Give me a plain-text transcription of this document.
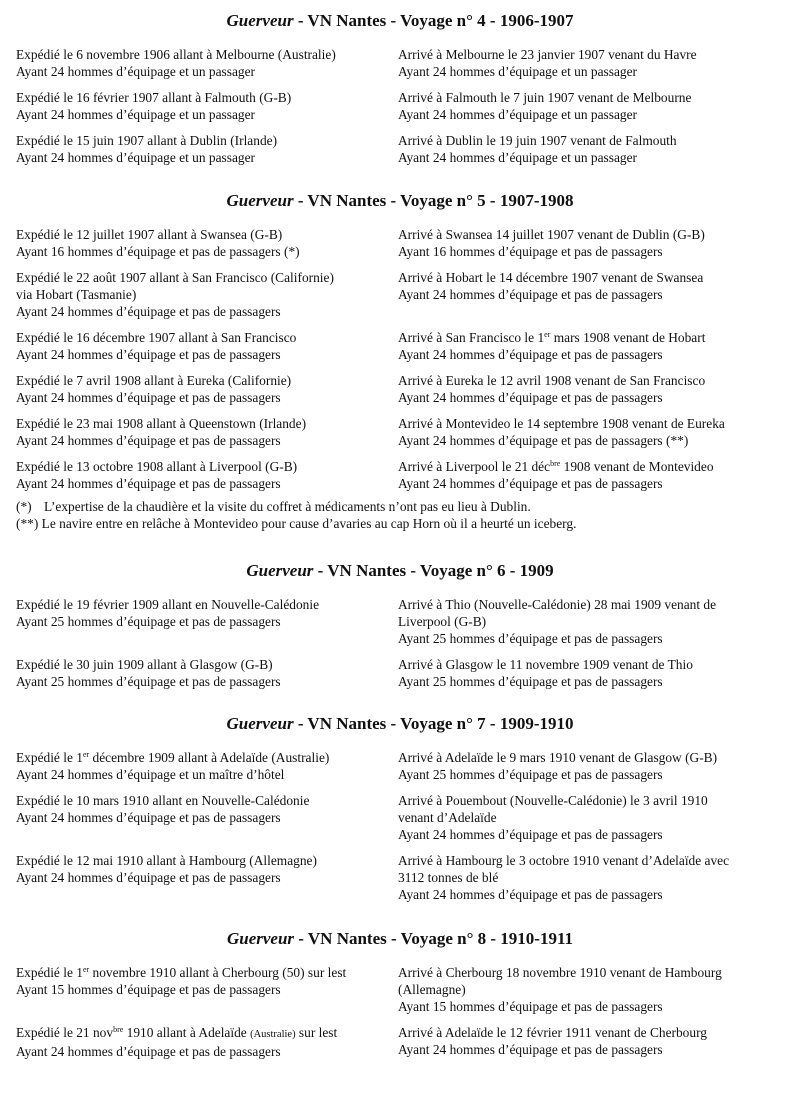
Guerveur - VN Nantes - Voyage n° 4 - 1906-1907
Expédié le 6 novembre 1906 allant à Melbourne (Australie)
Ayant 24 hommes d’équipage et un passager
Arrivé à Melbourne le 23 janvier 1907 venant du Havre
Ayant 24 hommes d’équipage et un passager
Expédié le 16 février 1907 allant à Falmouth (G-B)
Ayant 24 hommes d’équipage et un passager
Arrivé à Falmouth le 7 juin 1907 venant de Melbourne
Ayant 24 hommes d’équipage et un passager
Expédié le 15 juin 1907 allant à Dublin (Irlande)
Ayant 24 hommes d’équipage et un passager
Arrivé à Dublin le 19 juin 1907 venant de Falmouth
Ayant 24 hommes d’équipage et un passager
Guerveur - VN Nantes - Voyage n° 5 - 1907-1908
Expédié le 12 juillet 1907 allant à Swansea (G-B)
Ayant 16 hommes d’équipage et pas de passagers (*)
Arrivé à Swansea 14 juillet 1907 venant de Dublin (G-B)
Ayant 16 hommes d’équipage et pas de passagers
Expédié le 22 août 1907 allant à San Francisco (Californie)
via Hobart (Tasmanie)
Ayant 24 hommes d’équipage et pas de passagers
Arrivé à Hobart le 14 décembre 1907 venant de Swansea
Ayant 24 hommes d’équipage et pas de passagers
Expédié le 16 décembre 1907 allant à San Francisco
Ayant 24 hommes d’équipage et pas de passagers
Arrivé à San Francisco le 1er mars 1908 venant de Hobart
Ayant 24 hommes d’équipage et pas de passagers
Expédié le 7 avril 1908 allant à Eureka (Californie)
Ayant 24 hommes d’équipage et pas de passagers
Arrivé à Eureka le 12 avril 1908 venant de San Francisco
Ayant 24 hommes d’équipage et pas de passagers
Expédié le 23 mai 1908 allant à Queenstown (Irlande)
Ayant 24 hommes d’équipage et pas de passagers
Arrivé à Montevideo le 14 septembre 1908 venant de Eureka
Ayant 24 hommes d’équipage et pas de passagers (**)
Expédié le 13 octobre 1908 allant à Liverpool (G-B)
Ayant 24 hommes d’équipage et pas de passagers
Arrivé à Liverpool le 21 déc$^{bre}$ 1908 venant de Montevideo
Ayant 24 hommes d’équipage et pas de passagers
(*) L’expertise de la chaudière et la visite du coffret à médicaments n’ont pas eu lieu à Dublin.
(**) Le navire entre en relâche à Montevideo pour cause d’avaries au cap Horn où il a heurté un iceberg.
Guerveur - VN Nantes - Voyage n° 6 - 1909
Expédié le 19 février 1909 allant en Nouvelle-Calédonie
Ayant 25 hommes d’équipage et pas de passagers
Arrivé à Thio (Nouvelle-Calédonie) 28 mai 1909 venant de
Liverpool (G-B)
Ayant 25 hommes d’équipage et pas de passagers
Expédié le 30 juin 1909 allant à Glasgow (G-B)
Ayant 25 hommes d’équipage et pas de passagers
Arrivé à Glasgow le 11 novembre 1909 venant de Thio
Ayant 25 hommes d’équipage et pas de passagers
Guerveur - VN Nantes - Voyage n° 7 - 1909-1910
Expédié le 1er décembre 1909 allant à Adelaïde (Australie)
Ayant 24 hommes d’équipage et un maître d’hôtel
Arrivé à Adelaïde le 9 mars 1910 venant de Glasgow (G-B)
Ayant 25 hommes d’équipage et pas de passagers
Expédié le 10 mars 1910 allant en Nouvelle-Calédonie
Ayant 24 hommes d’équipage et pas de passagers
Arrivé à Pouembout (Nouvelle-Calédonie) le 3 avril 1910
venant d’Adelaïde
Ayant 24 hommes d’équipage et pas de passagers
Expédié le 12 mai 1910 allant à Hambourg (Allemagne)
Ayant 24 hommes d’équipage et pas de passagers
Arrivé à Hambourg le 3 octobre 1910 venant d’Adelaïde avec
3112 tonnes de blé
Ayant 24 hommes d’équipage et pas de passagers
Guerveur - VN Nantes - Voyage n° 8 - 1910-1911
Expédié le 1er novembre 1910 allant à Cherbourg (50) sur lest
Ayant 15 hommes d’équipage et pas de passagers
Arrivé à Cherbourg 18 novembre 1910 venant de Hambourg
(Allemagne)
Ayant 15 hommes d’équipage et pas de passagers
Expédié le 21 nov$^{bre}$ 1910 allant à Adelaïde (Australie) sur lest
Ayant 24 hommes d’équipage et pas de passagers
Arrivé à Adelaïde le 12 février 1911 venant de Cherbourg
Ayant 24 hommes d’équipage et pas de passagers
